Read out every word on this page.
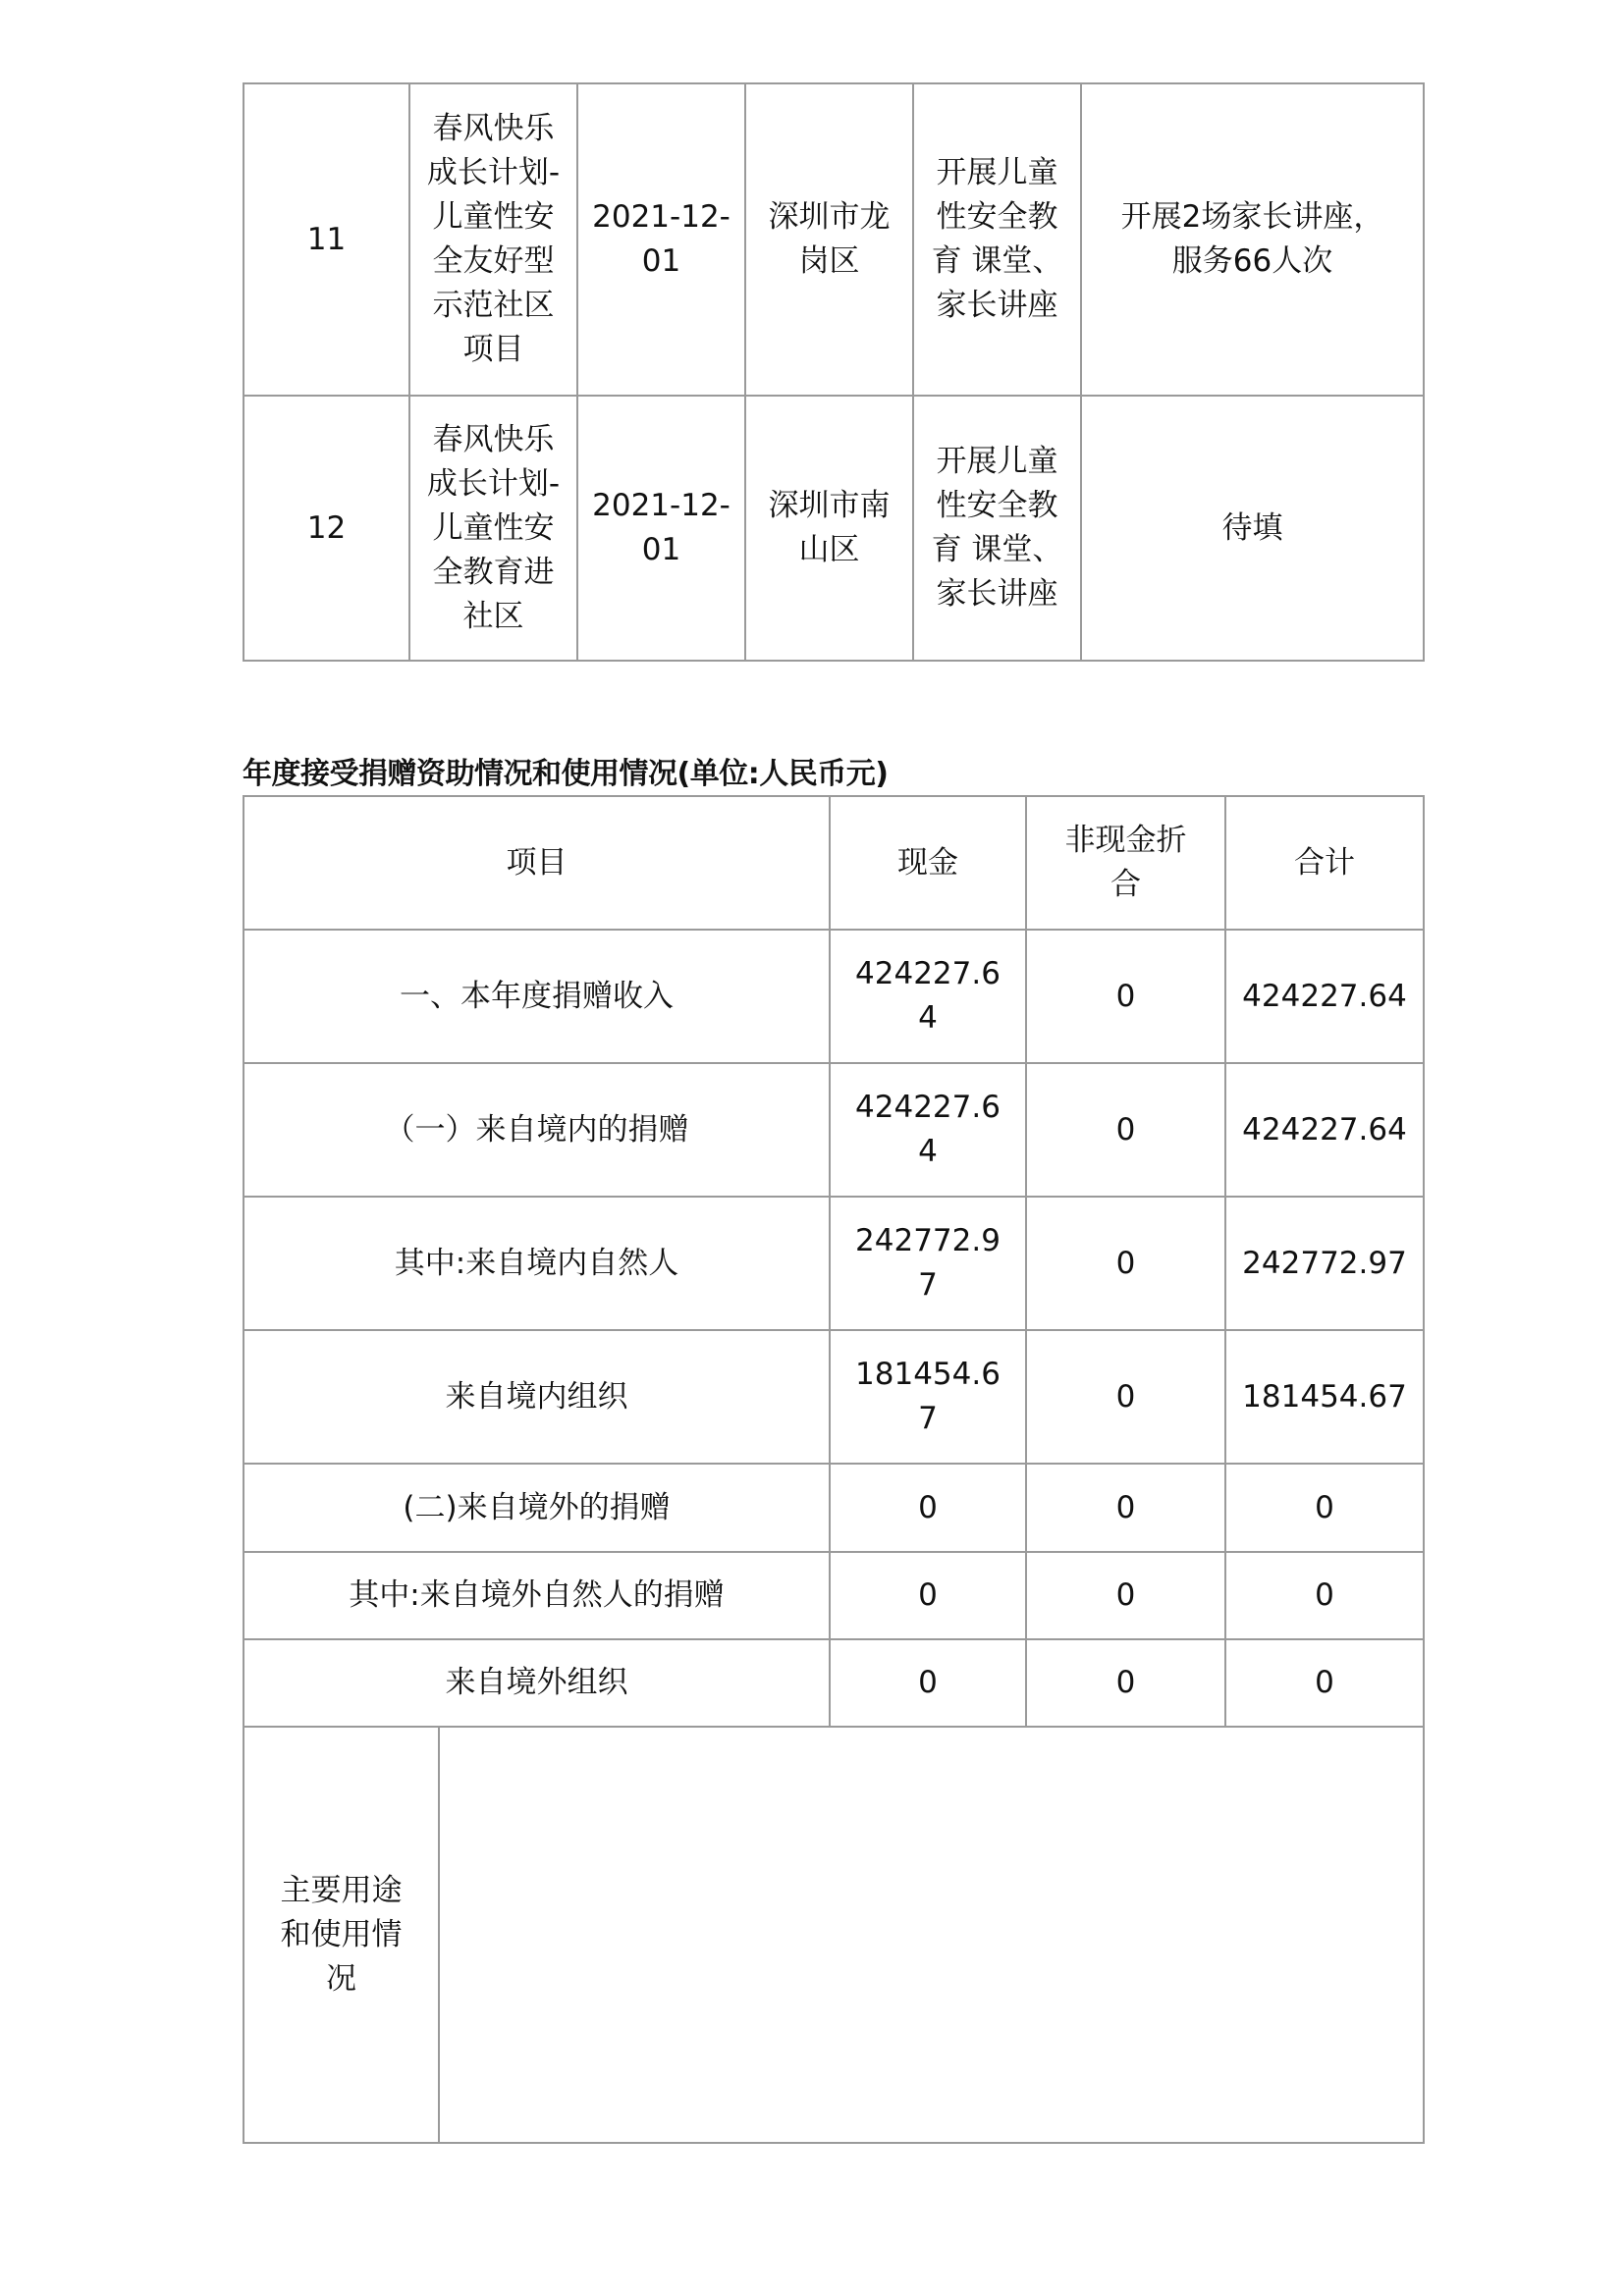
11	春风快乐成长计划-儿童性安全友好型示范社区项目	2021-12-01	深圳市龙岗区	开展儿童性安全教育 课堂、家长讲座	开展2场家长讲座，服务66人次
12	春风快乐成长计划-儿童性安全教育进社区	2021-12-01	深圳市南山区	开展儿童性安全教育 课堂、家长讲座	待填
年度接受捐赠资助情况和使用情况(单位:人民币元)
项目		现金	非现金折合	合计
一、本年度捐赠收入		424227.64	0	424227.64
（一）来自境内的捐赠		424227.64	0	424227.64
其中:来自境内自然人		242772.97	0	242772.97
来自境内组织		181454.67	0	181454.67
(二)来自境外的捐赠		0	0	0
其中:来自境外自然人的捐赠		0	0	0
来自境外组织		0	0	0
主要用途和使用情况				
